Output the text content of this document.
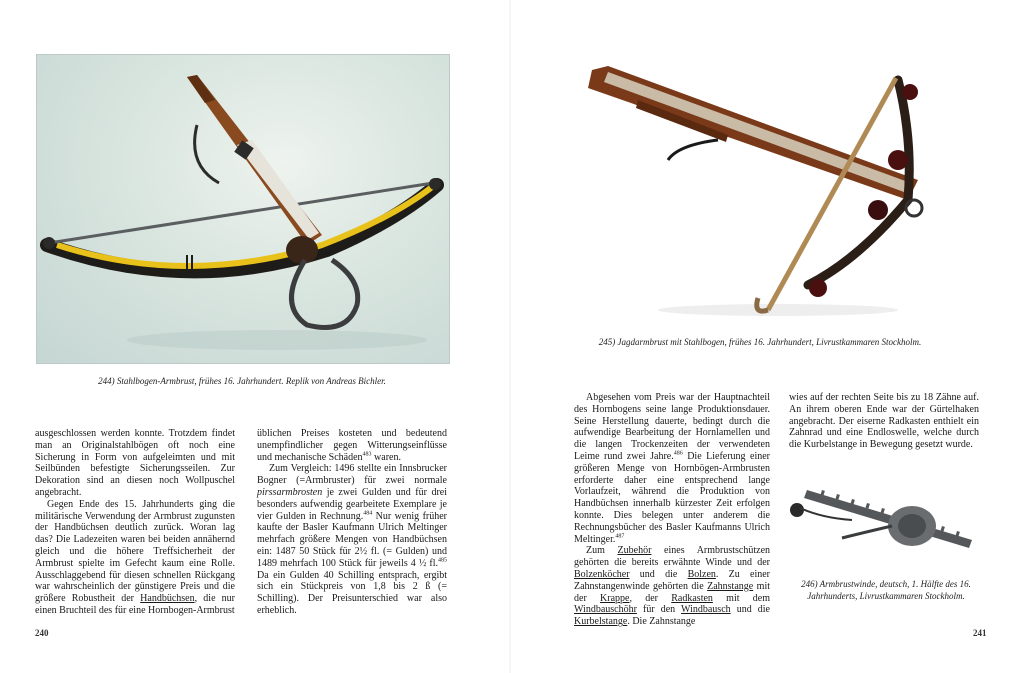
244) Stahlbogen-Armbrust, frühes 16. Jahrhundert. Replik von Andreas Bichler.

ausgeschlossen werden konnte. Trotzdem findet man an Originalstahlbögen oft noch eine Sicherung in Form von aufgeleimten und mit Seilbünden befestigte Sicherungsseilen. Zur Dekoration sind an diesen noch Wollpuschel angebracht.

Gegen Ende des 15. Jahrhunderts ging die militärische Verwendung der Armbrust zugunsten der Handbüchsen deutlich zurück. Woran lag das? Die Ladezeiten waren bei beiden annähernd gleich und die höhere Treffsicherheit der Armbrust spielte im Gefecht kaum eine Rolle. Ausschlaggebend für diesen schnellen Rückgang war wahrscheinlich der günstigere Preis und die größere Robustheit der Handbüchsen, die nur einen Bruchteil des für eine Hornbogen-Armbrust

üblichen Preises kosteten und bedeutend unempfindlicher gegen Witterungseinflüsse und mechanische Schäden$^{483}$ waren.

Zum Vergleich: 1496 stellte ein Innsbrucker Bogner (=Armbruster) für zwei normale pirssarmbrosten je zwei Gulden und für drei besonders aufwendig gearbeitete Exemplare je vier Gulden in Rechnung.$^{484}$ Nur wenig früher kaufte der Basler Kaufmann Ulrich Meltinger mehrfach größere Mengen von Handbüchsen ein: 1487 50 Stück für 2½ fl. (= Gulden) und 1489 mehrfach 100 Stück für jeweils 4 ½ fl.$^{485}$ Da ein Gulden 40 Schilling entsprach, ergibt sich ein Stückpreis von 1,8 bis 2 ß (= Schilling). Der Preisunterschied war also erheblich.

240
245) Jagdarmbrust mit Stahlbogen, frühes 16. Jahrhundert, Livrustkammaren Stockholm.

Abgesehen vom Preis war der Hauptnachteil des Hornbogens seine lange Produktionsdauer. Seine Herstellung dauerte, bedingt durch die aufwendige Bearbeitung der Hornlamellen und die langen Trockenzeiten der verwendeten Leime rund zwei Jahre.$^{486}$ Die Lieferung einer größeren Menge von Hornbögen-Armbrusten erforderte daher eine entsprechend lange Vorlaufzeit, während die Produktion von Handbüchsen innerhalb kürzester Zeit erfolgen konnte. Dies belegen unter anderem die Rechnungsbücher des Basler Kaufmanns Ulrich Meltinger.$^{487}$

Zum Zubehör eines Armbrustschützen gehörten die bereits erwähnte Winde und der Bolzenköcher und die Bolzen. Zu einer Zahnstangenwinde gehörten die Zahnstange mit der Krappe, der Radkasten mit dem Windbauschöhr für den Windbausch und die Kurbelstange. Die Zahnstange

wies auf der rechten Seite bis zu 18 Zähne auf. An ihrem oberen Ende war der Gürtelhaken angebracht. Der eiserne Radkasten enthielt ein Zahnrad und eine Endloswelle, welche durch die Kurbelstange in Bewegung gesetzt wurde.

246) Armbrustwinde, deutsch, 1. Hälfte des 16. Jahrhunderts, Livrustkammaren Stockholm.
241
